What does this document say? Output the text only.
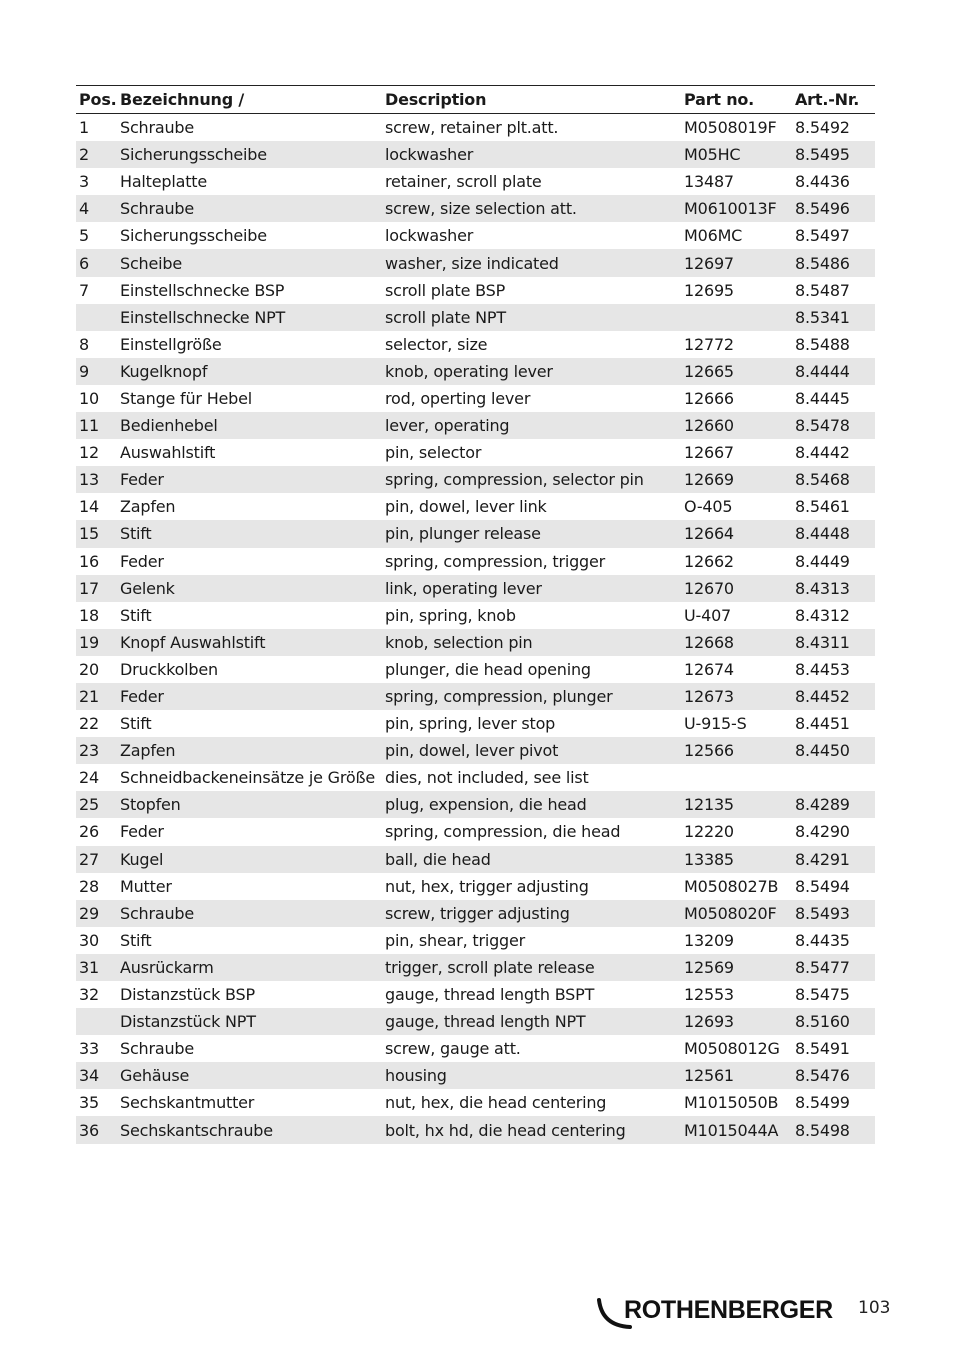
Pos.	Bezeichnung /	Description	Part no.	Art.-Nr.
1	Schraube	screw, retainer plt.att.	M0508019F	8.5492
2	Sicherungsscheibe	lockwasher	M05HC	8.5495
3	Halteplatte	retainer, scroll plate	13487	8.4436
4	Schraube	screw, size selection att.	M0610013F	8.5496
5	Sicherungsscheibe	lockwasher	M06MC	8.5497
6	Scheibe	washer, size indicated	12697	8.5486
7	Einstellschnecke BSP	scroll plate BSP	12695	8.5487
	Einstellschnecke NPT	scroll plate NPT		8.5341
8	Einstellgröße	selector, size	12772	8.5488
9	Kugelknopf	knob, operating lever	12665	8.4444
10	Stange für Hebel	rod, operting lever	12666	8.4445
11	Bedienhebel	lever, operating	12660	8.5478
12	Auswahlstift	pin, selector	12667	8.4442
13	Feder	spring, compression, selector pin	12669	8.5468
14	Zapfen	pin, dowel, lever link	O-405	8.5461
15	Stift	pin, plunger release	12664	8.4448
16	Feder	spring, compression, trigger	12662	8.4449
17	Gelenk	link, operating lever	12670	8.4313
18	Stift	pin, spring, knob	U-407	8.4312
19	Knopf Auswahlstift	knob, selection pin	12668	8.4311
20	Druckkolben	plunger, die head opening	12674	8.4453
21	Feder	spring, compression, plunger	12673	8.4452
22	Stift	pin, spring, lever stop	U-915-S	8.4451
23	Zapfen	pin, dowel, lever pivot	12566	8.4450
24	Schneidbackeneinsätze je Größe	dies, not included, see list		
25	Stopfen	plug, expension, die head	12135	8.4289
26	Feder	spring, compression, die head	12220	8.4290
27	Kugel	ball, die head	13385	8.4291
28	Mutter	nut, hex, trigger adjusting	M0508027B	8.5494
29	Schraube	screw, trigger adjusting	M0508020F	8.5493
30	Stift	pin, shear, trigger	13209	8.4435
31	Ausrückarm	trigger, scroll plate release	12569	8.5477
32	Distanzstück BSP	gauge, thread length BSPT	12553	8.5475
	Distanzstück NPT	gauge, thread length NPT	12693	8.5160
33	Schraube	screw, gauge att.	M0508012G	8.5491
34	Gehäuse	housing	12561	8.5476
35	Sechskantmutter	nut, hex, die head centering	M1015050B	8.5499
36	Sechskantschraube	bolt, hx hd, die head centering	M1015044A	8.5498
ROTHENBERGER 103
